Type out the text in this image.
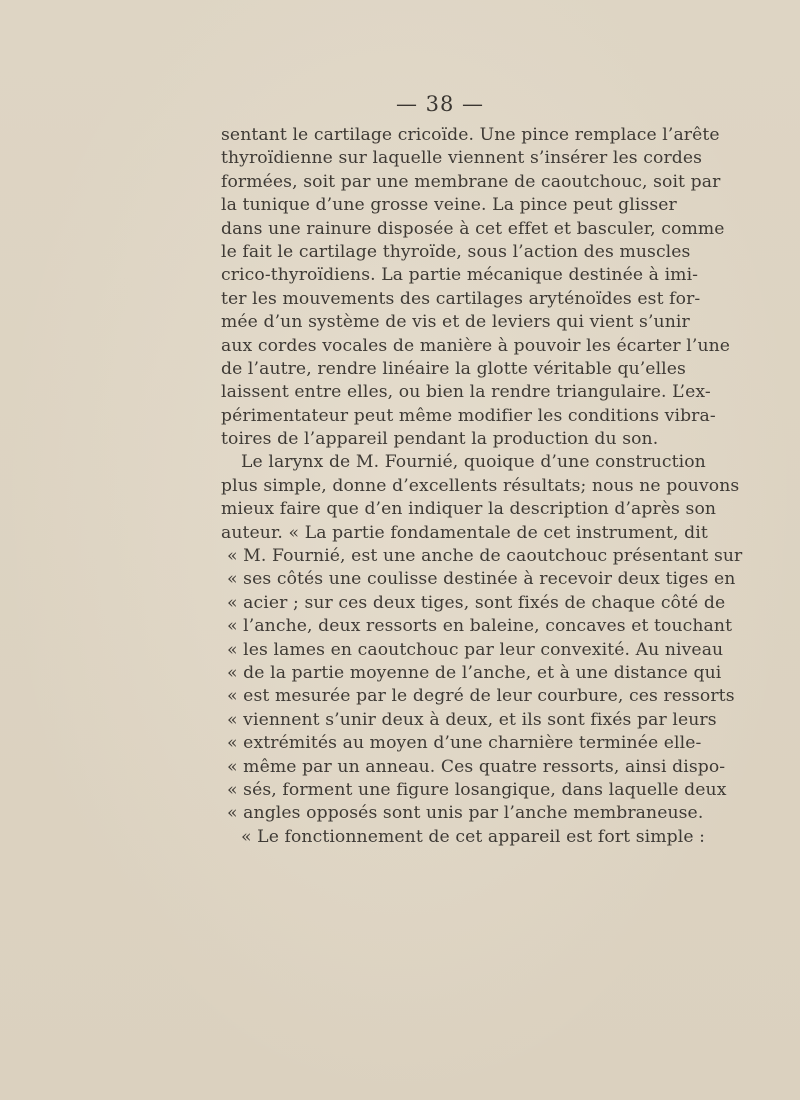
— 38 —
sentant le cartilage cricoïde. Une pince remplace l’arête
thyroïdienne sur laquelle viennent s’insérer les cordes
formées, soit par une membrane de caoutchouc, soit par
la tunique d’une grosse veine. La pince peut glisser
dans une rainure disposée à cet effet et basculer, comme
le fait le cartilage thyroïde, sous l’action des muscles
crico-thyroïdiens. La partie mécanique destinée à imi-
ter les mouvements des cartilages aryténoïdes est for-
mée d’un système de vis et de leviers qui vient s’unir
aux cordes vocales de manière à pouvoir les écarter l’une
de l’autre, rendre linéaire la glotte véritable qu’elles
laissent entre elles, ou bien la rendre triangulaire. L’ex-
périmentateur peut même modifier les conditions vibra-
toires de l’appareil pendant la production du son.
Le larynx de M. Fournié, quoique d’une construction
plus simple, donne d’excellents résultats; nous ne pouvons
mieux faire que d’en indiquer la description d’après son
auteur. « La partie fondamentale de cet instrument, dit
« M. Fournié, est une anche de caoutchouc présentant sur
« ses côtés une coulisse destinée à recevoir deux tiges en
« acier ; sur ces deux tiges, sont fixés de chaque côté de
« l’anche, deux ressorts en baleine, concaves et touchant
« les lames en caoutchouc par leur convexité. Au niveau
« de la partie moyenne de l’anche, et à une distance qui
« est mesurée par le degré de leur courbure, ces ressorts
« viennent s’unir deux à deux, et ils sont fixés par leurs
« extrémités au moyen d’une charnière terminée elle-
« même par un anneau. Ces quatre ressorts, ainsi dispo-
« sés, forment une figure losangique, dans laquelle deux
« angles opposés sont unis par l’anche membraneuse.
« Le fonctionnement de cet appareil est fort simple :
